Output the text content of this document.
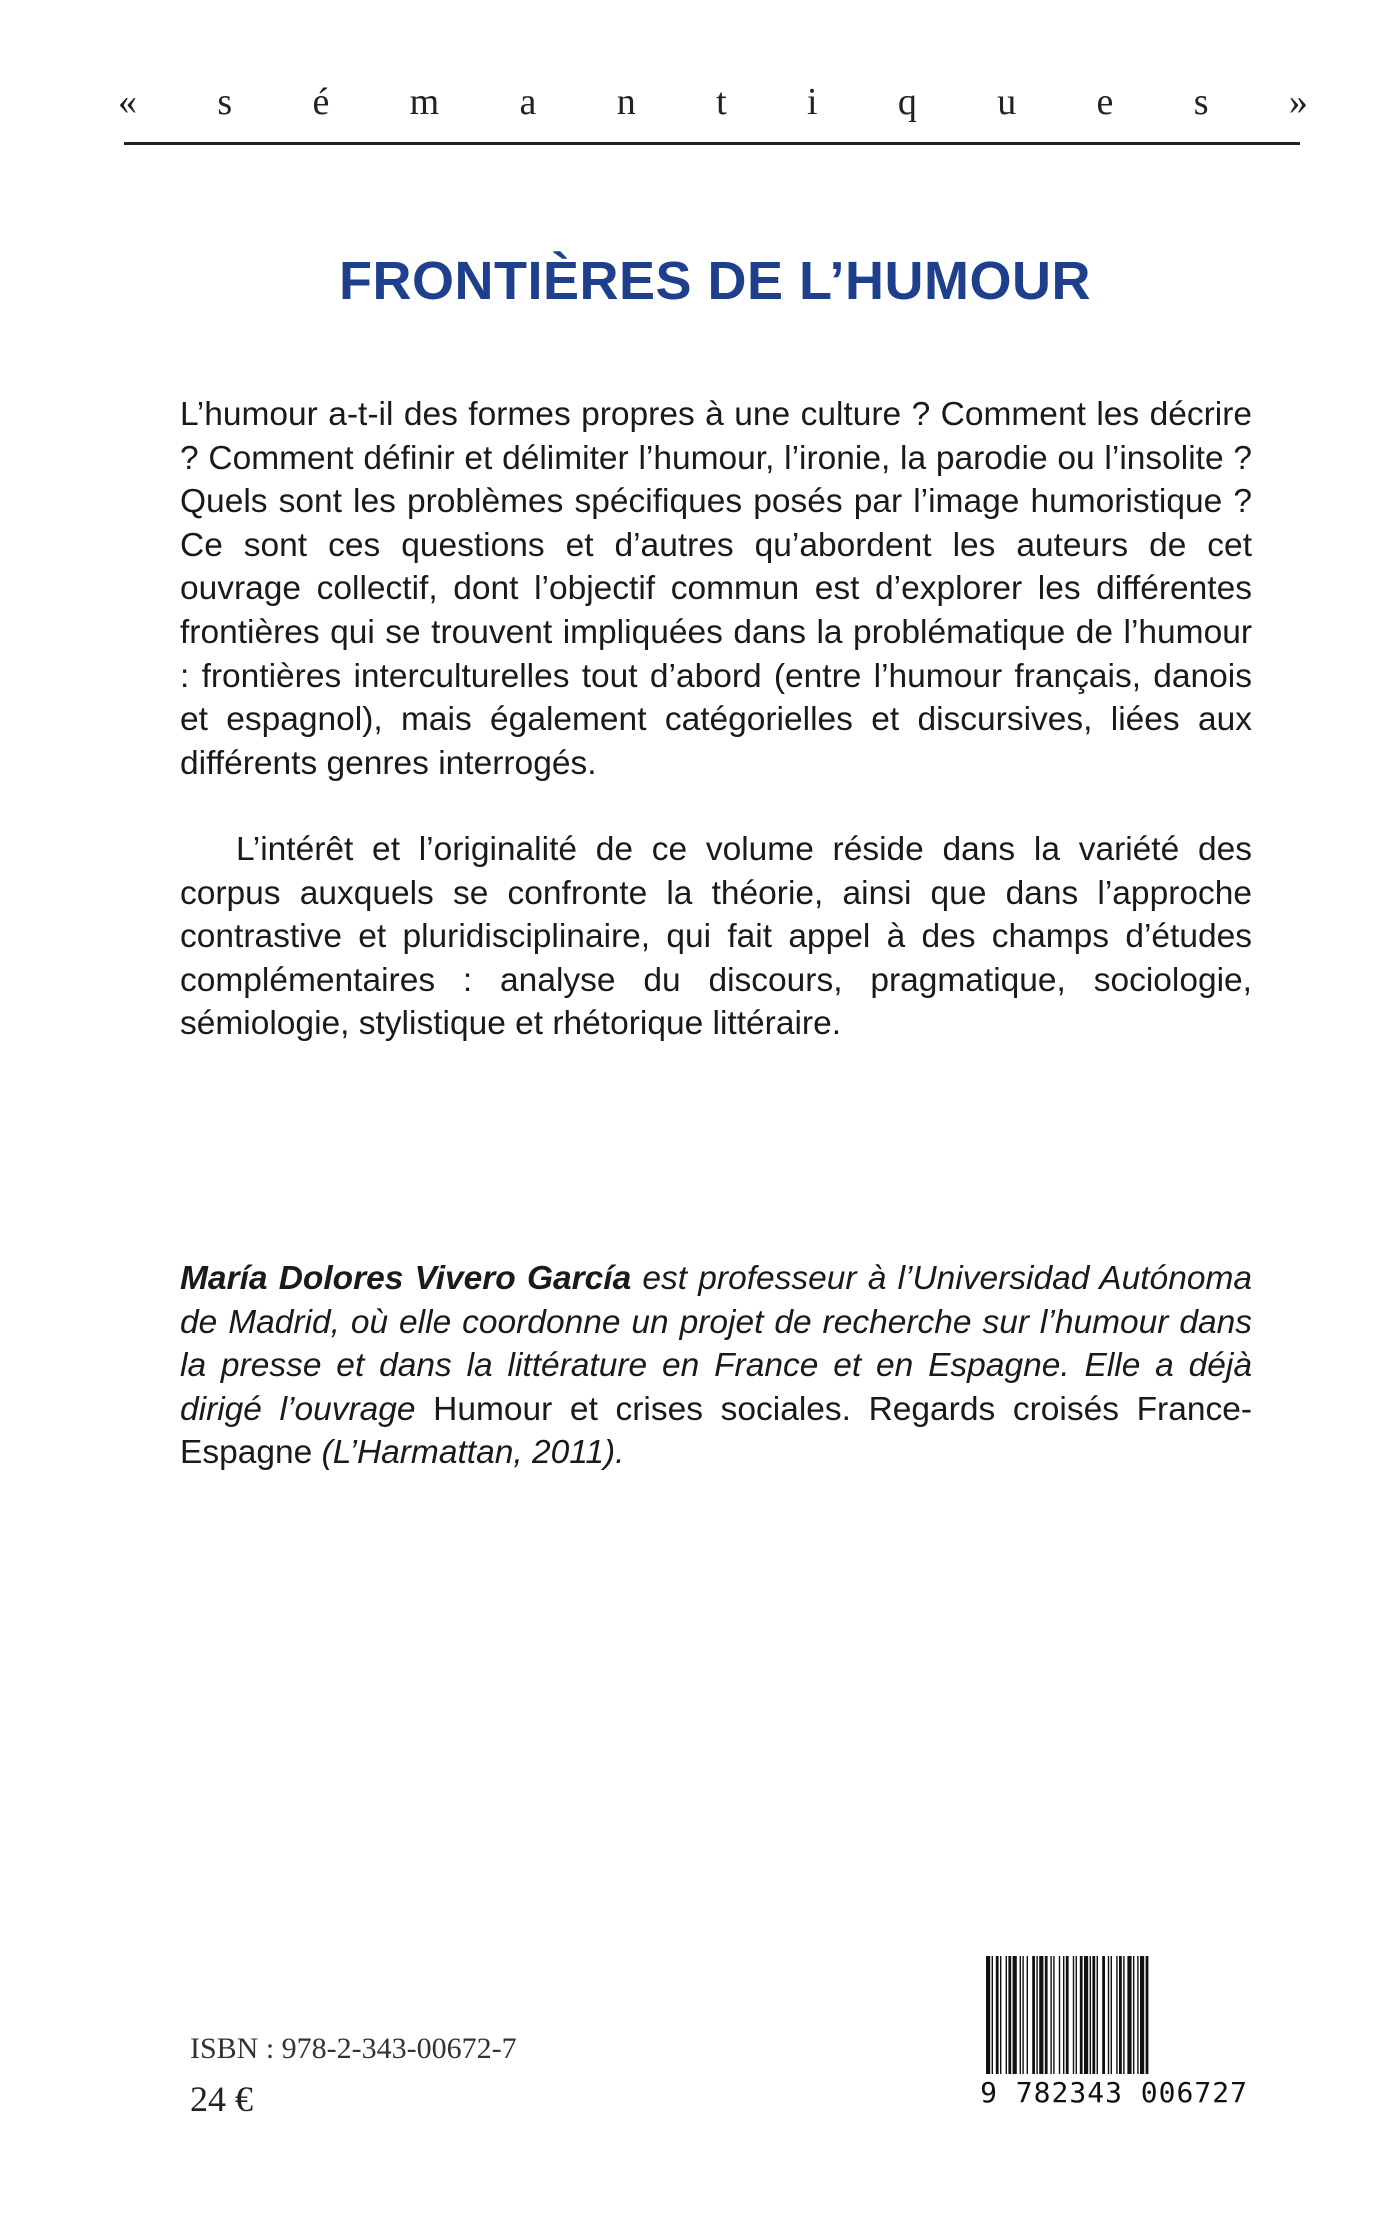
« s é m a n t i q u e s »
FRONTIÈRES DE L’HUMOUR

L’humour a-t-il des formes propres à une culture ? Comment les décrire ? Comment définir et délimiter l’humour, l’ironie, la parodie ou l’insolite ? Quels sont les problèmes spécifiques posés par l’image humoristique ? Ce sont ces questions et d’autres qu’abordent les auteurs de cet ouvrage collectif, dont l’objectif commun est d’explorer les différentes frontières qui se trouvent impliquées dans la problématique de l’humour : frontières interculturelles tout d’abord (entre l’humour français, danois et espagnol), mais également catégorielles et discursives, liées aux différents genres interrogés.

L’intérêt et l’originalité de ce volume réside dans la variété des corpus auxquels se confronte la théorie, ainsi que dans l’approche contrastive et pluridisciplinaire, qui fait appel à des champs d’études complémentaires : analyse du discours, pragmatique, sociologie, sémiologie, stylistique et rhétorique littéraire.

María Dolores Vivero García est professeur à l’Universidad Autónoma de Madrid, où elle coordonne un projet de recherche sur l’humour dans la presse et dans la littérature en France et en Espagne. Elle a déjà dirigé l’ouvrage Humour et crises sociales. Regards croisés France-Espagne (L’Harmattan, 2011).

ISBN : 978-2-343-00672-7
24 €	9 782343 006727
